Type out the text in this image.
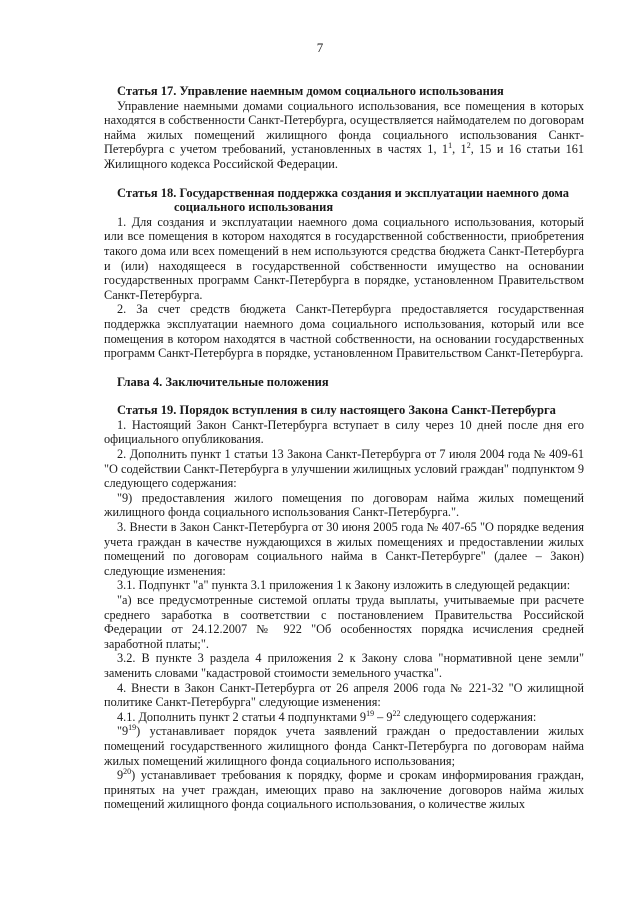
7
Статья 17. Управление наемным домом социального использования

Управление наемными домами социального использования, все помещения в которых находятся в собственности Санкт-Петербурга, осуществляется наймодателем по договорам найма жилых помещений жилищного фонда социального использования Санкт-Петербурга с учетом требований, установленных в частях 1, $1^1$, $1^2$, 15 и 16 статьи 161 Жилищного кодекса Российской Федерации.

Статья 18. Государственная поддержка создания и эксплуатации наемного дома
социального использования

1. Для создания и эксплуатации наемного дома социального использования, который или все помещения в котором находятся в государственной собственности, приобретения такого дома или всех помещений в нем используются средства бюджета Санкт-Петербурга и (или) находящееся в государственной собственности имущество на основании государственных программ Санкт-Петербурга в порядке, установленном Правительством Санкт-Петербурга.

2. За счет средств бюджета Санкт-Петербурга предоставляется государственная поддержка эксплуатации наемного дома социального использования, который или все помещения в котором находятся в частной собственности, на основании государственных программ Санкт-Петербурга в порядке, установленном Правительством Санкт-Петербурга.

Глава 4. Заключительные положения
Статья 19. Порядок вступления в силу настоящего Закона Санкт-Петербурга

1. Настоящий Закон Санкт-Петербурга вступает в силу через 10 дней после дня его официального опубликования.

2. Дополнить пункт 1 статьи 13 Закона Санкт-Петербурга от 7 июля 2004 года № 409-61 "О содействии Санкт-Петербурга в улучшении жилищных условий граждан" подпунктом 9 следующего содержания:

"9) предоставления жилого помещения по договорам найма жилых помещений жилищного фонда социального использования Санкт-Петербурга.".

3. Внести в Закон Санкт-Петербурга от 30 июня 2005 года № 407-65 "О порядке ведения учета граждан в качестве нуждающихся в жилых помещениях и предоставлении жилых помещений по договорам социального найма в Санкт-Петербурге" (далее – Закон) следующие изменения:

3.1. Подпункт "а" пункта 3.1 приложения 1 к Закону изложить в следующей редакции:

"а) все предусмотренные системой оплаты труда выплаты, учитываемые при расчете среднего заработка в соответствии с постановлением Правительства Российской Федерации от 24.12.2007 № 922 "Об особенностях порядка исчисления средней заработной платы;".

3.2. В пункте 3 раздела 4 приложения 2 к Закону слова "нормативной цене земли" заменить словами "кадастровой стоимости земельного участка".

4. Внести в Закон Санкт-Петербурга от 26 апреля 2006 года № 221-32 "О жилищной политике Санкт-Петербурга" следующие изменения:

4.1. Дополнить пункт 2 статьи 4 подпунктами $9^{19} - 9^{22}$ следующего содержания:

"$9^{19}$) устанавливает порядок учета заявлений граждан о предоставлении жилых помещений государственного жилищного фонда Санкт-Петербурга по договорам найма жилых помещений жилищного фонда социального использования;

$9^{20}$) устанавливает требования к порядку, форме и срокам информирования граждан, принятых на учет граждан, имеющих право на заключение договоров найма жилых помещений жилищного фонда социального использования, о количестве жилых
